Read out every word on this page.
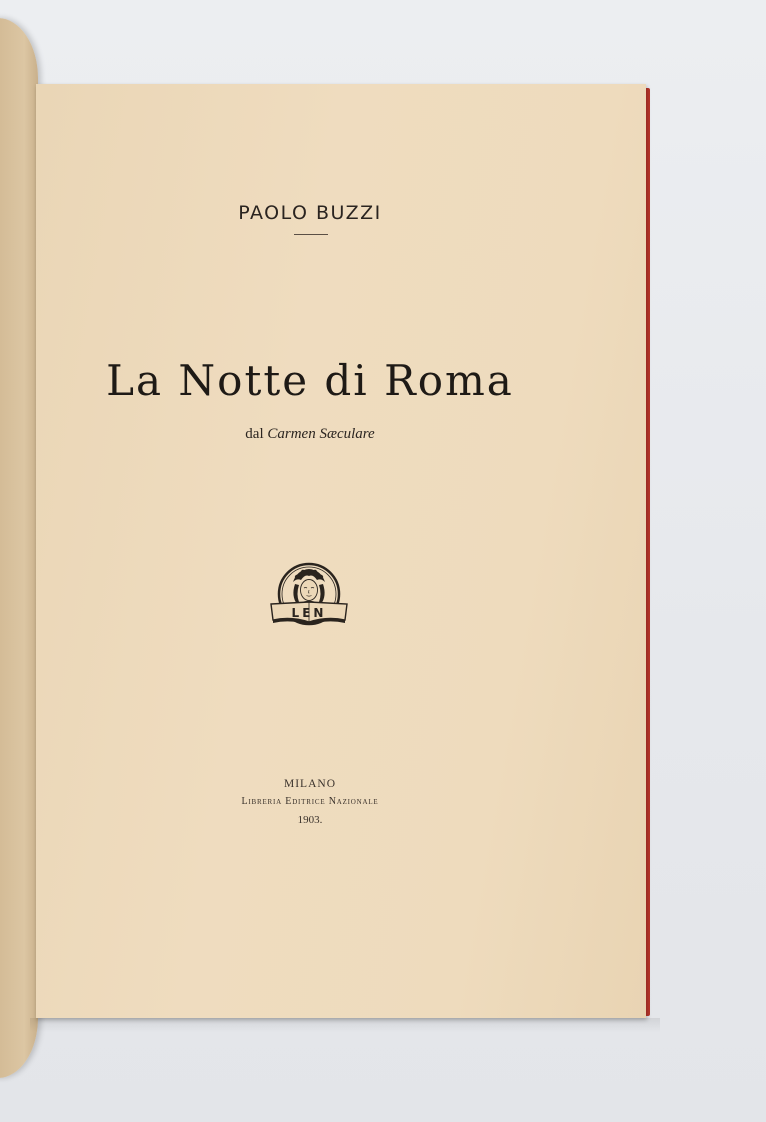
PAOLO BUZZI
La Notte di Roma
dal Carmen Sæculare
LEN
MILANO
Libreria Editrice Nazionale
1903.
